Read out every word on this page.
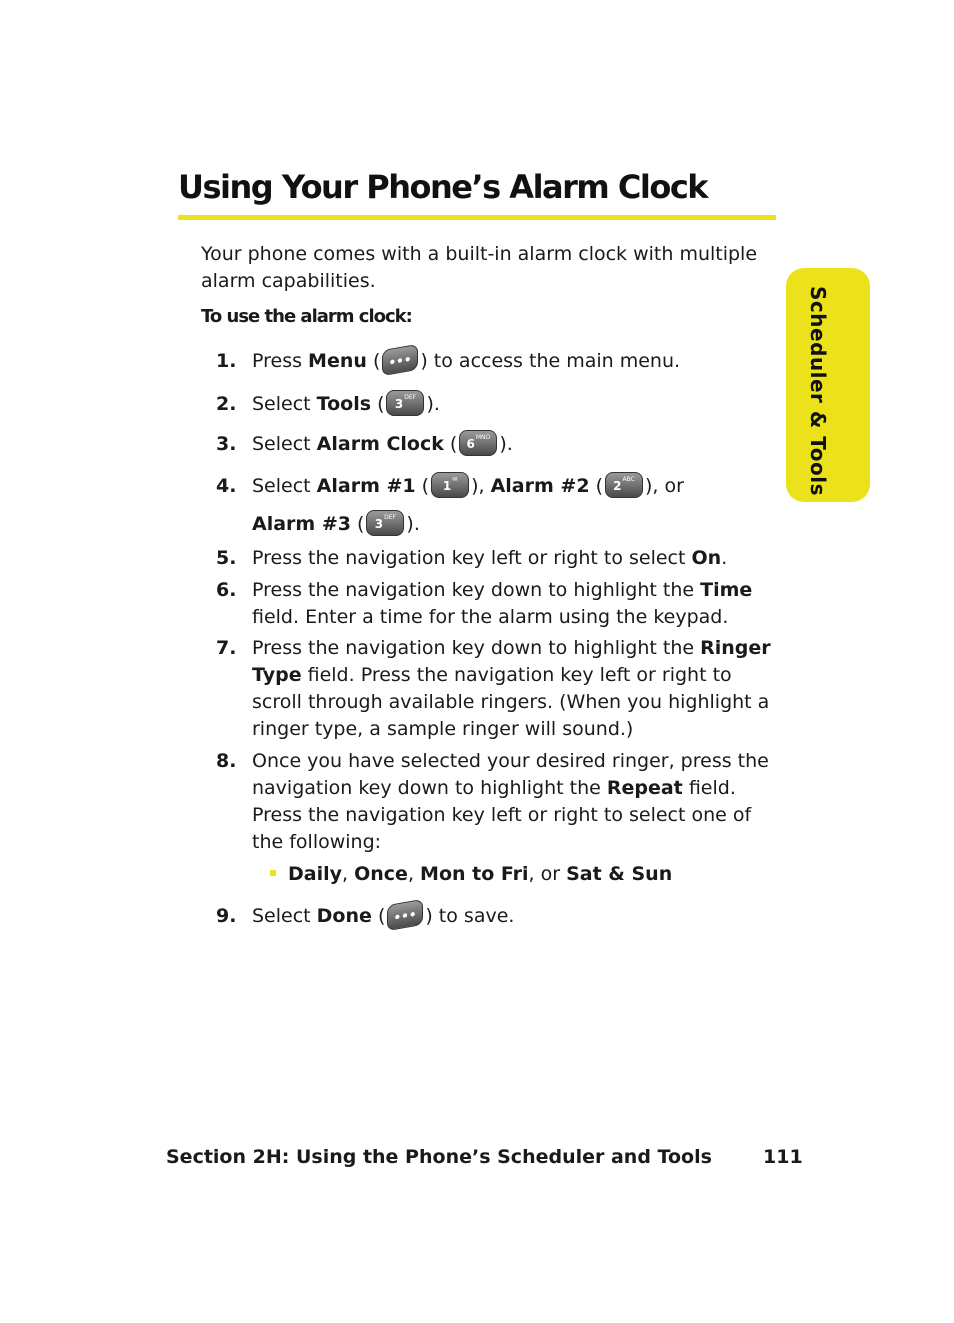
Using Your Phone’s Alarm Clock
Scheduler & Tools

Your phone comes with a built-in alarm clock with multiple alarm capabilities.

To use the alarm clock:

1. Press Menu ( ••• ) to access the main menu.
2. Select Tools ( $3^{DEF}$ ).
3. Select Alarm Clock ( $6^{MNO}$ ).
4. Select Alarm #1 ( 1✉ ), Alarm #2 ( $2^{ABC}$ ), or
Alarm #3 ( $3^{DEF}$ ).
5. Press the navigation key left or right to select On.
6. Press the navigation key down to highlight the Time field. Enter a time for the alarm using the keypad.
7. Press the navigation key down to highlight the Ringer Type field. Press the navigation key left or right to scroll through available ringers. (When you highlight a ringer type, a sample ringer will sound.)
8. Once you have selected your desired ringer, press the navigation key down to highlight the Repeat field. Press the navigation key left or right to select one of the following:
Daily, Once, Mon to Fri, or Sat & Sun
9. Select Done ( ••• ) to save.
Section 2H: Using the Phone’s Scheduler and Tools	111
